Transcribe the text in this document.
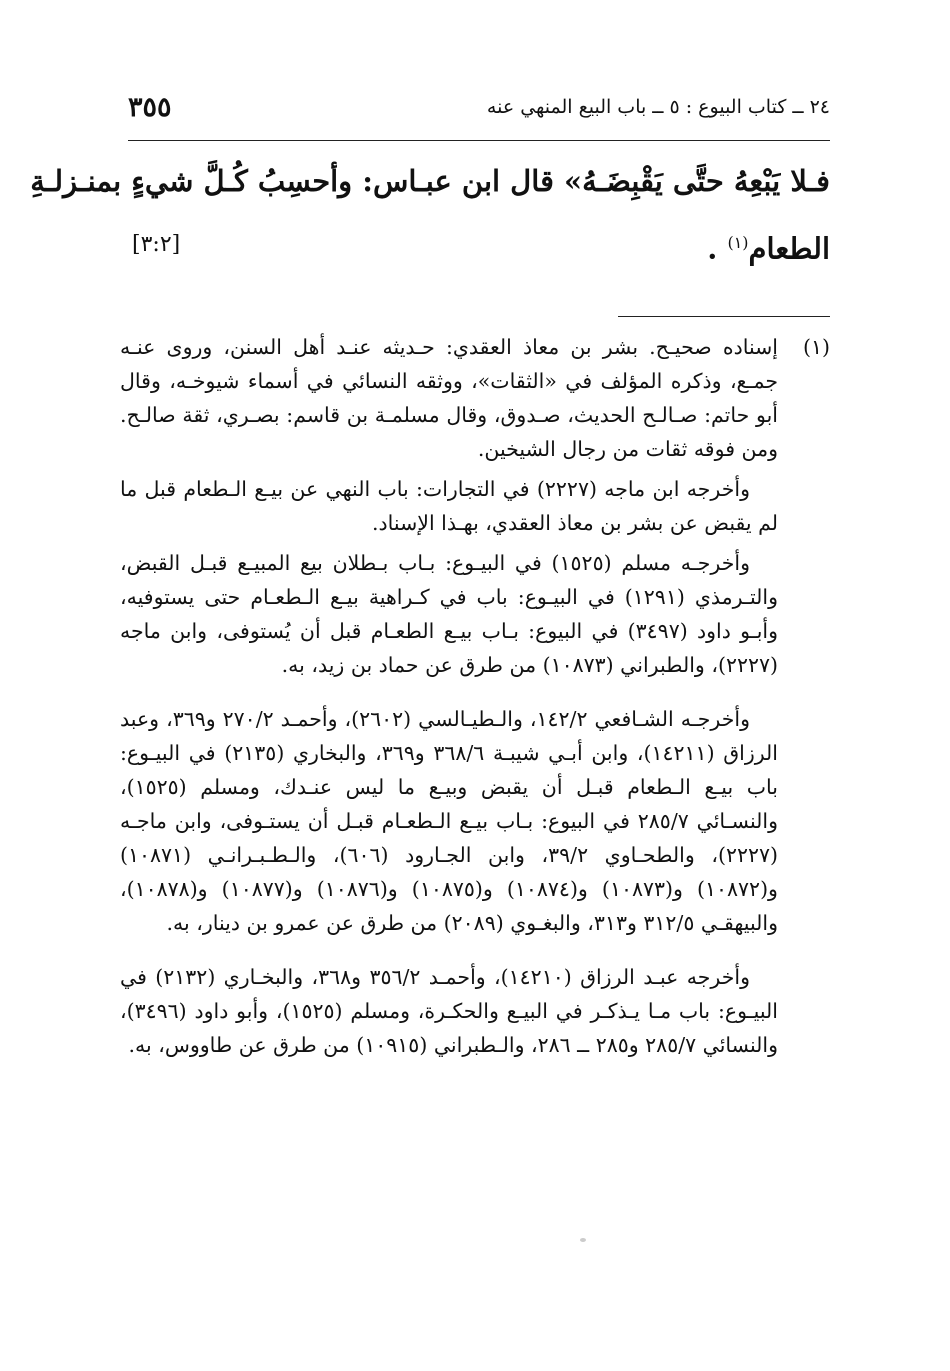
٣٥٥	٢٤ ــ كتاب البيوع : ٥ ــ باب البيع المنهي عنه
فـلا يَبْعِهُ حتَّى يَقْبِضَـهُ» قال ابن عبـاس: وأحسِبُ كُـلَّ شيءٍ بمنـزلـةِ
الطعام$^{(١)}$ .
[٣:٢]
(١)

إسناده صحيـح. بشر بن معاذ العقدي: حـديثه عنـد أهل السنن، وروى عنـه جمـع، وذكره المؤلف في «الثقات»، ووثقه النسائي في أسماء شيوخـه، وقال أبو حاتم: صـالـح الحديث، صـدوق، وقال مسلمـة بن قاسم: بصـري، ثقة صالـح. ومن فوقه ثقات من رجال الشيخين.

وأخرجه ابن ماجه (٢٢٢٧) في التجارات: باب النهي عن بيـع الـطعام قبل ما لم يقبض عن بشر بن معاذ العقدي، بهـذا الإسناد.

وأخرجـه مسلم (١٥٢٥) في البيـوع: بـاب بـطلان بيع المبيـع قبـل القبض، والتـرمذي (١٢٩١) في البيـوع: باب في كـراهية بيـع الـطعـام حتى يستوفيه، وأبـو داود (٣٤٩٧) في البيوع: بـاب بيـع الطعـام قبل أن يُستوفى، وابن ماجه (٢٢٢٧)، والطبراني (١٠٨٧٣) من طرق عن حماد بن زيد، به.

وأخرجـه الشـافعي ١٤٢/٢، والـطيـالسي (٢٦٠٢)، وأحمـد ٢٧٠/٢ و٣٦٩، وعبد الرزاق (١٤٢١١)، وابن أبـي شيبـة ٣٦٨/٦ و٣٦٩، والبخاري (٢١٣٥) في البيـوع: باب بيـع الـطعام قبـل أن يقبض وبيـع ما ليس عنـدك، ومسلم (١٥٢٥)، والنسـائي ٢٨٥/٧ في البيوع: بـاب بيـع الـطعـام قبـل أن يستـوفى، وابن ماجـه (٢٢٢٧)، والطحـاوي ٣٩/٢، وابن الجـارود (٦٠٦)، والـطـبـرانـي (١٠٨٧١) و(١٠٨٧٢) و(١٠٨٧٣) و(١٠٨٧٤) و(١٠٨٧٥) و(١٠٨٧٦) و(١٠٨٧٧) و(١٠٨٧٨)، والبيهقـي ٣١٢/٥ و٣١٣، والبغـوي (٢٠٨٩) من طرق عن عمرو بن دينار، به.

وأخرجه عبـد الرزاق (١٤٢١٠)، وأحمـد ٣٥٦/٢ و٣٦٨، والبخـاري (٢١٣٢) في البيـوع: باب مـا يـذكـر في البيـع والحكـرة، ومسلم (١٥٢٥)، وأبو داود (٣٤٩٦)، والنسائي ٢٨٥/٧ و٢٨٥ ــ ٢٨٦، والـطبراني (١٠٩١٥) من طرق عن طاووس، به.
